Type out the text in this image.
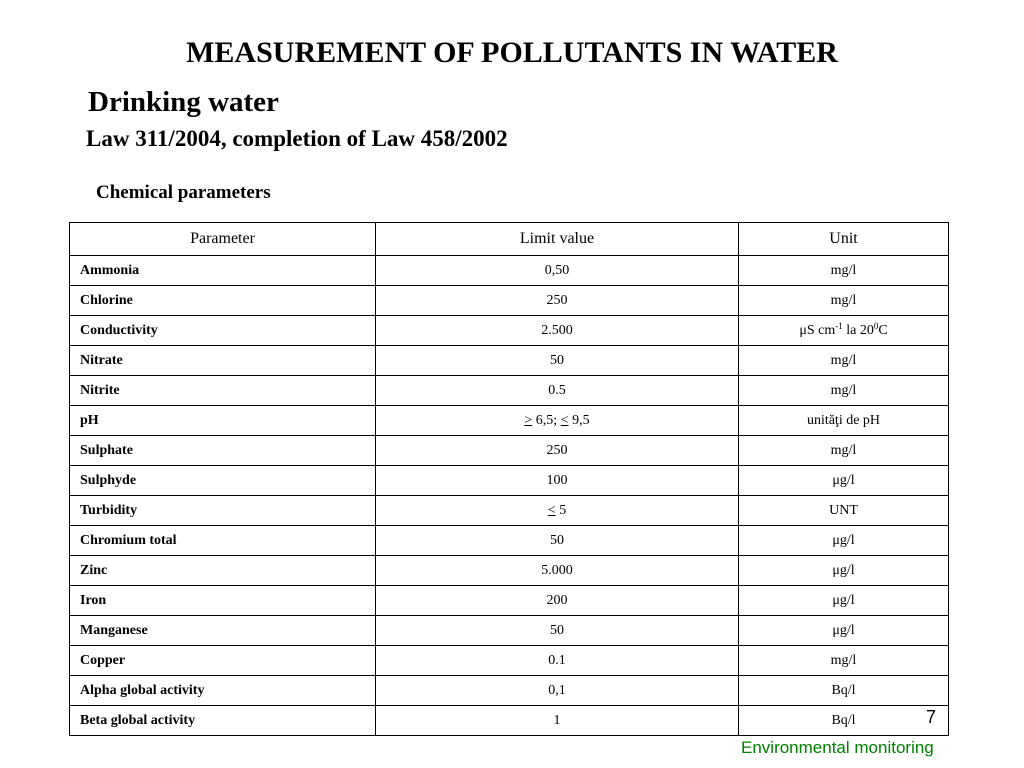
MEASUREMENT OF POLLUTANTS IN WATER
Drinking water
Law 311/2004, completion of Law 458/2002
Chemical parameters
Parameter	Limit value	Unit
Ammonia	0,50	mg/l
Chlorine	250	mg/l
Conductivity	2.500	μS $cm^{-1}$ la $20^0C$
Nitrate	50	mg/l
Nitrite	0.5	mg/l
pH	> 6,5; < 9,5	unităţi de pH
Sulphate	250	mg/l
Sulphyde	100	μg/l
Turbidity	< 5	UNT
Chromium total	50	μg/l
Zinc	5.000	μg/l
Iron	200	μg/l
Manganese	50	μg/l
Copper	0.1	mg/l
Alpha global activity	0,1	Bq/l
Beta global activity	1	Bq/l	7
Environmental monitoring
